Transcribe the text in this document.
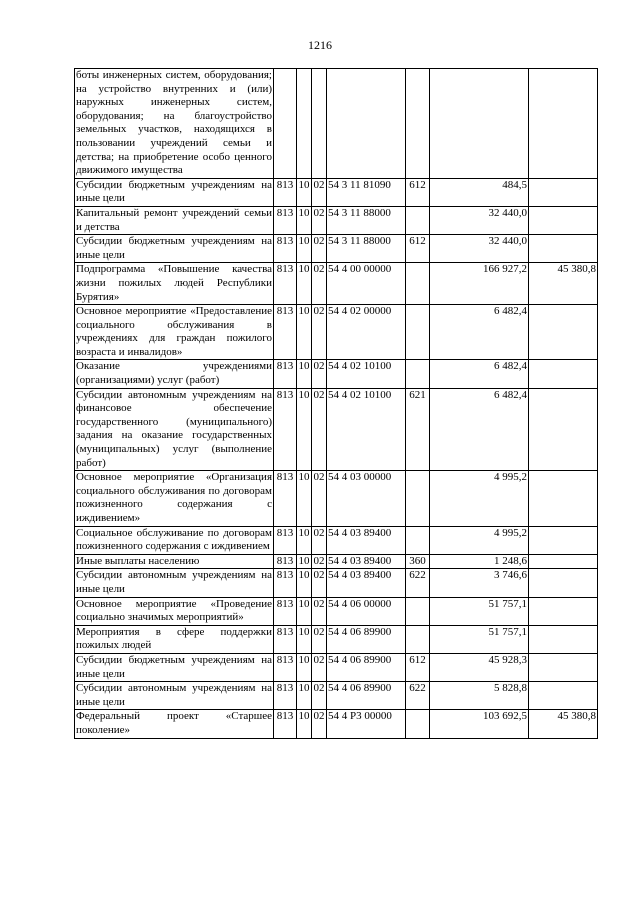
1216
боты инженерных систем, оборудования; на устройство внутренних и (или) наружных инженерных систем, оборудования; на благоустройство земельных участков, находящихся в пользовании учреждений семьи и детства; на приобретение особо ценного движимого имущества							
Субсидии бюджетным учреждениям на иные цели	813	10	02	54 3 11 81090	612	484,5	
Капитальный ремонт учреждений семьи и детства	813	10	02	54 3 11 88000		32 440,0	
Субсидии бюджетным учреждениям на иные цели	813	10	02	54 3 11 88000	612	32 440,0	
Подпрограмма «Повышение качества жизни пожилых людей Республики Бурятия»	813	10	02	54 4 00 00000		166 927,2	45 380,8
Основное мероприятие «Предоставление социального обслуживания в учреждениях для граждан пожилого возраста и инвалидов»	813	10	02	54 4 02 00000		6 482,4	
Оказание учреждениями (организациями) услуг (работ)	813	10	02	54 4 02 10100		6 482,4	
Субсидии автономным учреждениям на финансовое обеспечение государственного (муниципального) задания на оказание государственных (муниципальных) услуг (выполнение работ)	813	10	02	54 4 02 10100	621	6 482,4	
Основное мероприятие «Организация социального обслуживания по договорам пожизненного содержания с иждивением»	813	10	02	54 4 03 00000		4 995,2	
Социальное обслуживание по договорам пожизненного содержания с иждивением	813	10	02	54 4 03 89400		4 995,2	
Иные выплаты населению	813	10	02	54 4 03 89400	360	1 248,6	
Субсидии автономным учреждениям на иные цели	813	10	02	54 4 03 89400	622	3 746,6	
Основное мероприятие «Проведение социально значимых мероприятий»	813	10	02	54 4 06 00000		51 757,1	
Мероприятия в сфере поддержки пожилых людей	813	10	02	54 4 06 89900		51 757,1	
Субсидии бюджетным учреждениям на иные цели	813	10	02	54 4 06 89900	612	45 928,3	
Субсидии автономным учреждениям на иные цели	813	10	02	54 4 06 89900	622	5 828,8	
Федеральный проект «Старшее поколение»	813	10	02	54 4 P3 00000		103 692,5	45 380,8
